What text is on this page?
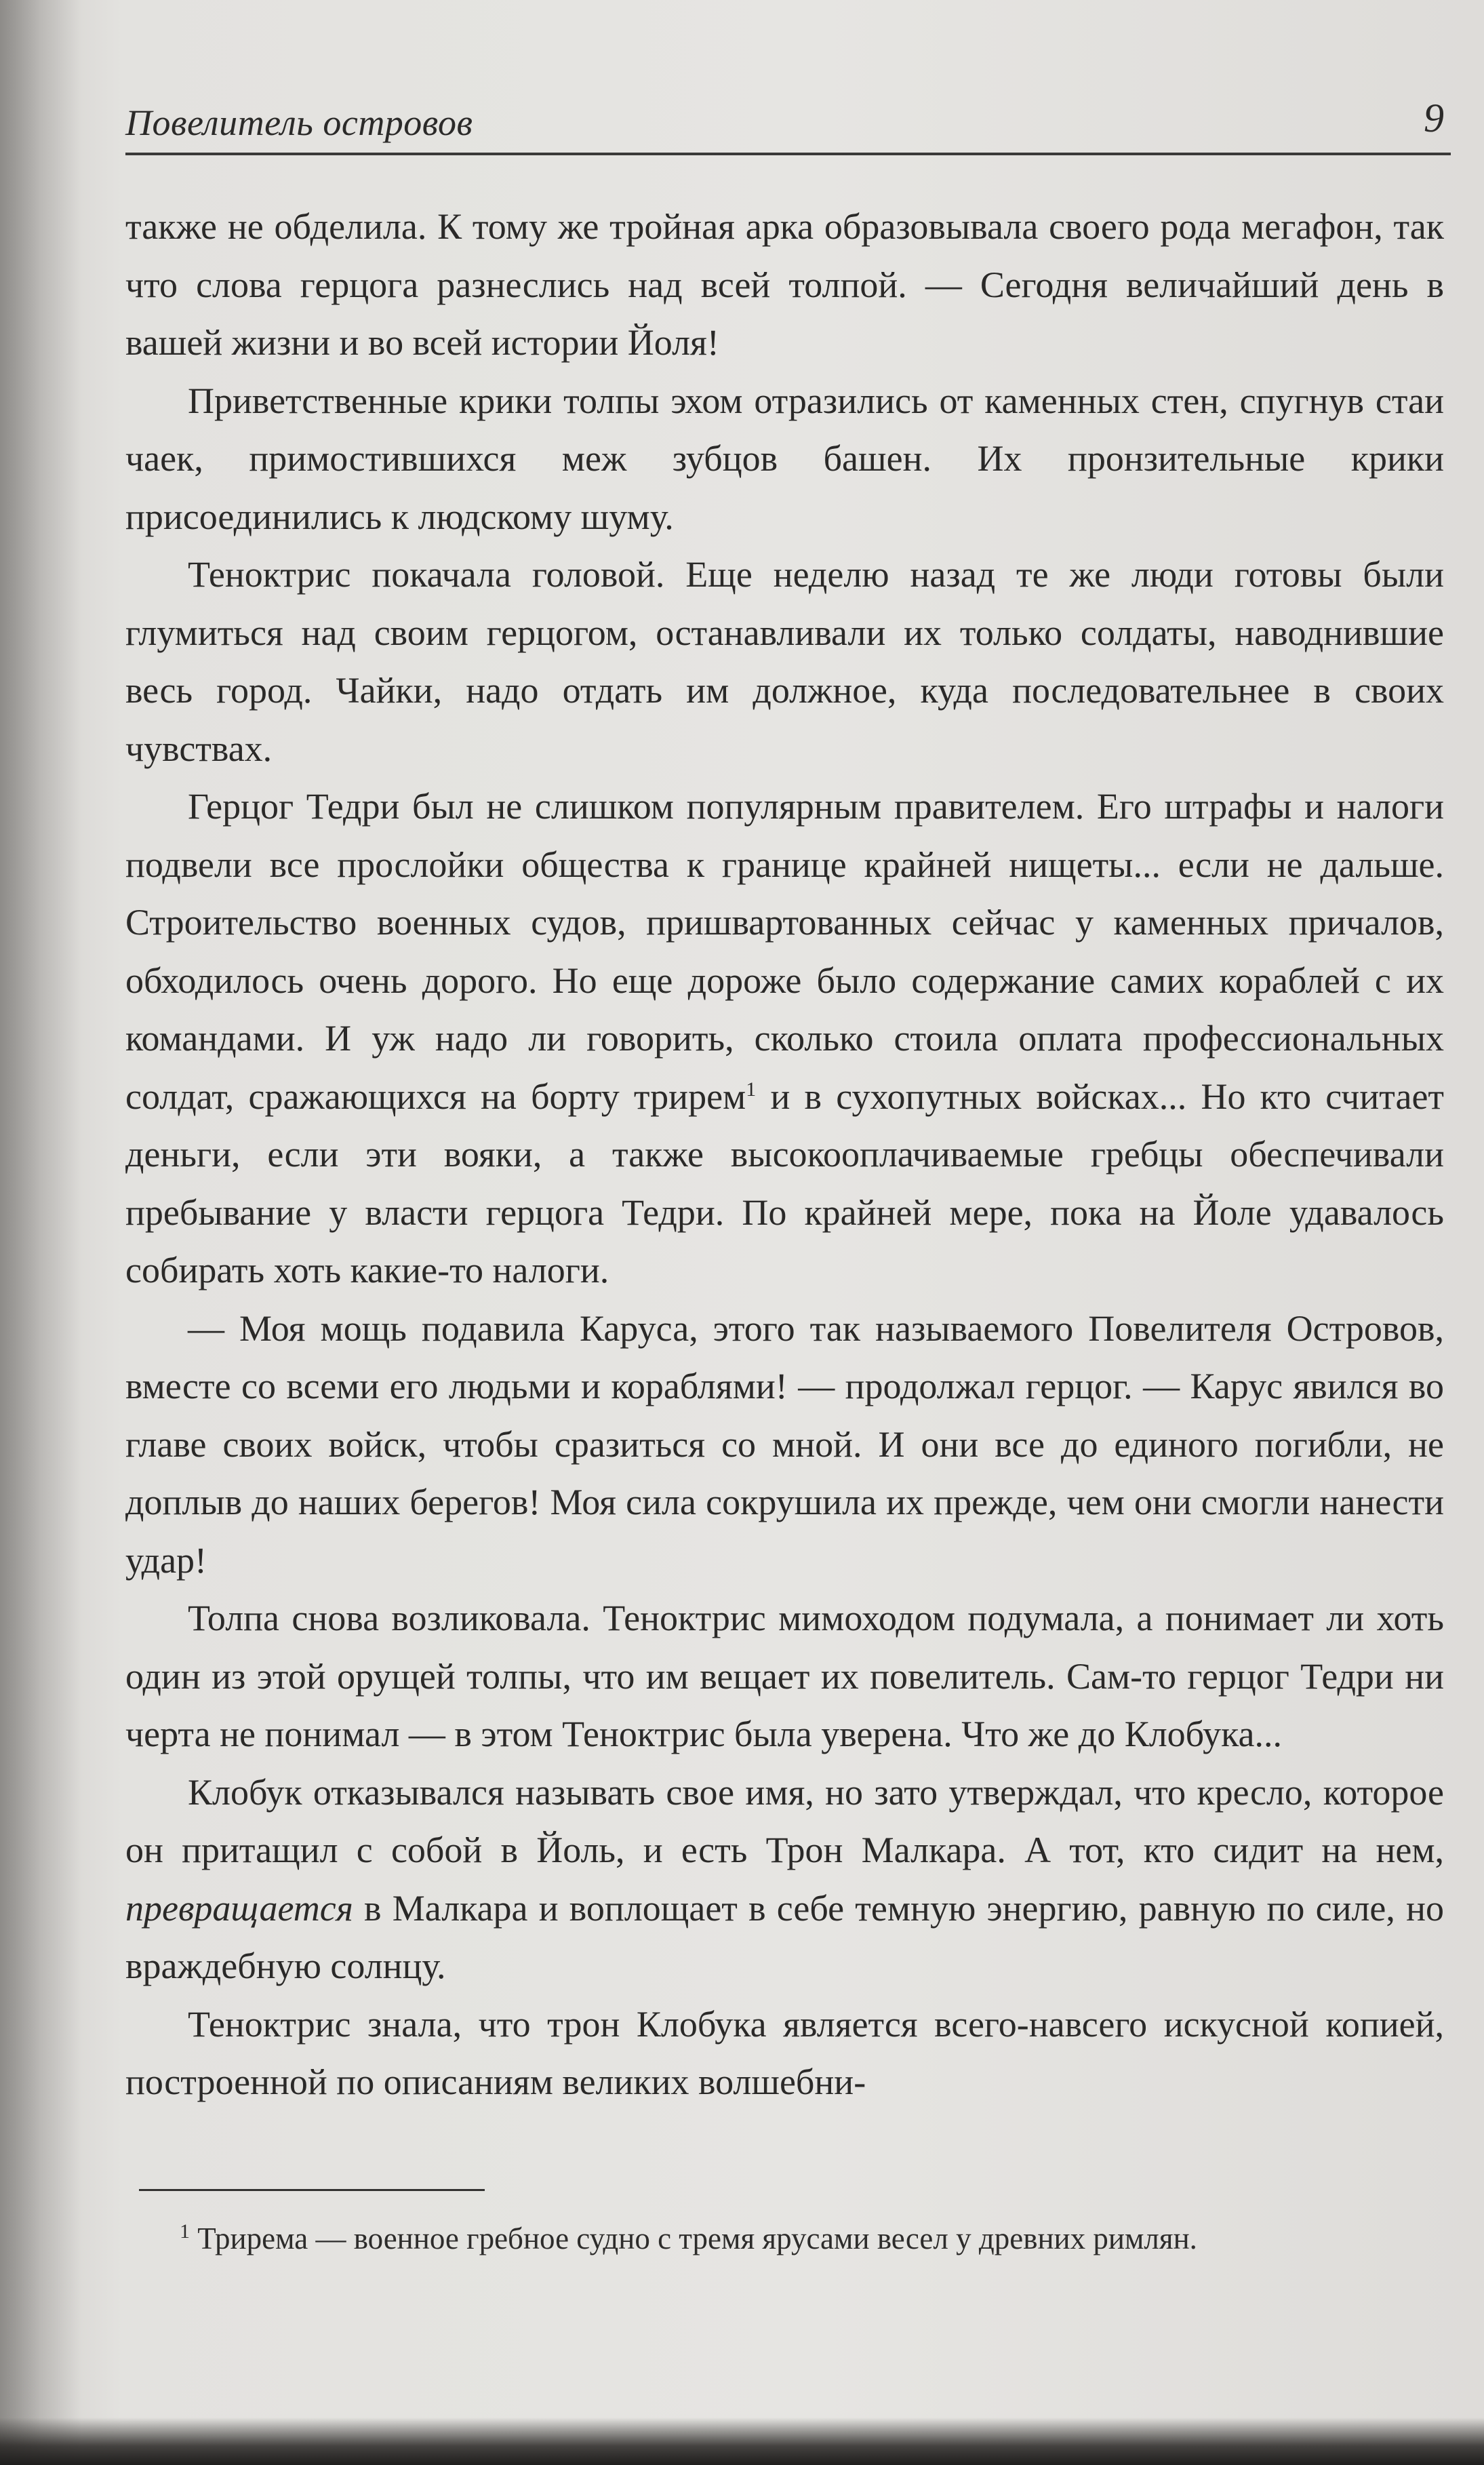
Повелитель островов	9

также не обделила. К тому же тройная арка образовывала своего рода мегафон, так что слова герцога разнеслись над всей толпой. — Сегодня величайший день в вашей жизни и во всей истории Йоля!

Приветственные крики толпы эхом отразились от каменных стен, спугнув стаи чаек, примостившихся меж зубцов башен. Их пронзительные крики присоединились к людскому шуму.

Теноктрис покачала головой. Еще неделю назад те же люди готовы были глумиться над своим герцогом, останавливали их только солдаты, наводнившие весь город. Чайки, надо отдать им должное, куда последовательнее в своих чувствах.

Герцог Тедри был не слишком популярным правителем. Его штрафы и налоги подвели все прослойки общества к границе крайней нищеты... если не дальше. Строительство военных судов, пришвартованных сейчас у каменных причалов, обходилось очень дорого. Но еще дороже было содержание самих кораблей с их командами. И уж надо ли говорить, сколько стоила оплата профессиональных солдат, сражающихся на борту трирем$^1$ и в сухопутных войсках... Но кто считает деньги, если эти вояки, а также высокооплачиваемые гребцы обеспечивали пребывание у власти герцога Тедри. По крайней мере, пока на Йоле удавалось собирать хоть какие-то налоги.

— Моя мощь подавила Каруса, этого так называемого Повелителя Островов, вместе со всеми его людьми и кораблями! — продолжал герцог. — Карус явился во главе своих войск, чтобы сразиться со мной. И они все до единого погибли, не доплыв до наших берегов! Моя сила сокрушила их прежде, чем они смогли нанести удар!

Толпа снова возликовала. Теноктрис мимоходом подумала, а понимает ли хоть один из этой орущей толпы, что им вещает их повелитель. Сам-то герцог Тедри ни черта не понимал — в этом Теноктрис была уверена. Что же до Клобука...

Клобук отказывался называть свое имя, но зато утверждал, что кресло, которое он притащил с собой в Йоль, и есть Трон Малкара. А тот, кто сидит на нем, превращается в Малкара и воплощает в себе темную энергию, равную по силе, но враждебную солнцу.

Теноктрис знала, что трон Клобука является всего-навсего искусной копией, построенной по описаниям великих волшебни-

$^1$ Трирема — военное гребное судно с тремя ярусами весел у древних римлян.
